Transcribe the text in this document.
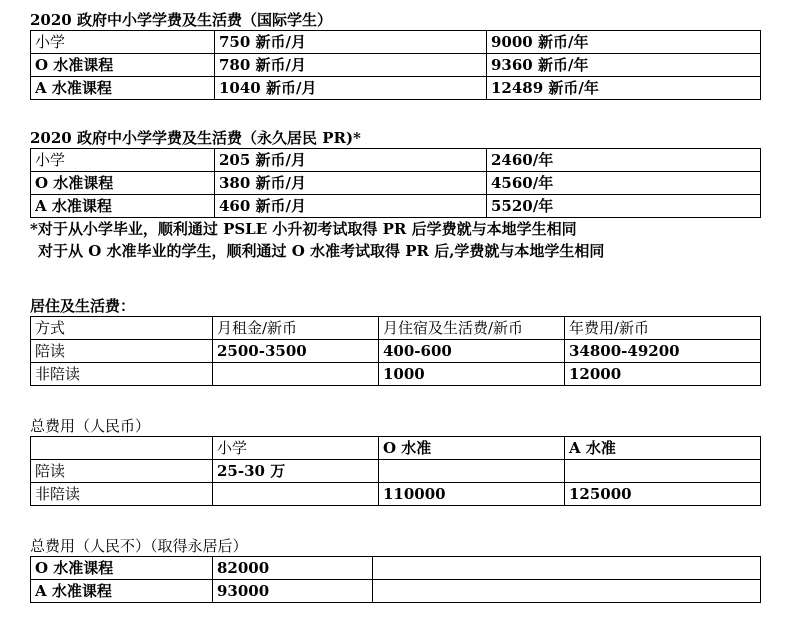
2020 政府中小学学费及生活费（国际学生）
小学	750 新币/月	9000 新币/年
O 水准课程	780 新币/月	9360 新币/年
A 水准课程	1040 新币/月	12489 新币/年
2020 政府中小学学费及生活费（永久居民 PR)*
小学	205 新币/月	2460/年
O 水准课程	380 新币/月	4560/年
A 水准课程	460 新币/月	5520/年
*对于从小学毕业，顺利通过 PSLE 小升初考试取得 PR 后学费就与本地学生相同
对于从 O 水准毕业的学生，顺利通过 O 水准考试取得 PR 后,学费就与本地学生相同
居住及生活费：
方式	月租金/新币	月住宿及生活费/新币	年费用/新币
陪读	2500-3500	400-600	34800-49200
非陪读		1000	12000
总费用（人民币）
	小学	O 水准	A 水准
陪读	25-30 万		
非陪读		110000	125000
总费用（人民不）（取得永居后）
O 水准课程	82000	
A 水准课程	93000	
